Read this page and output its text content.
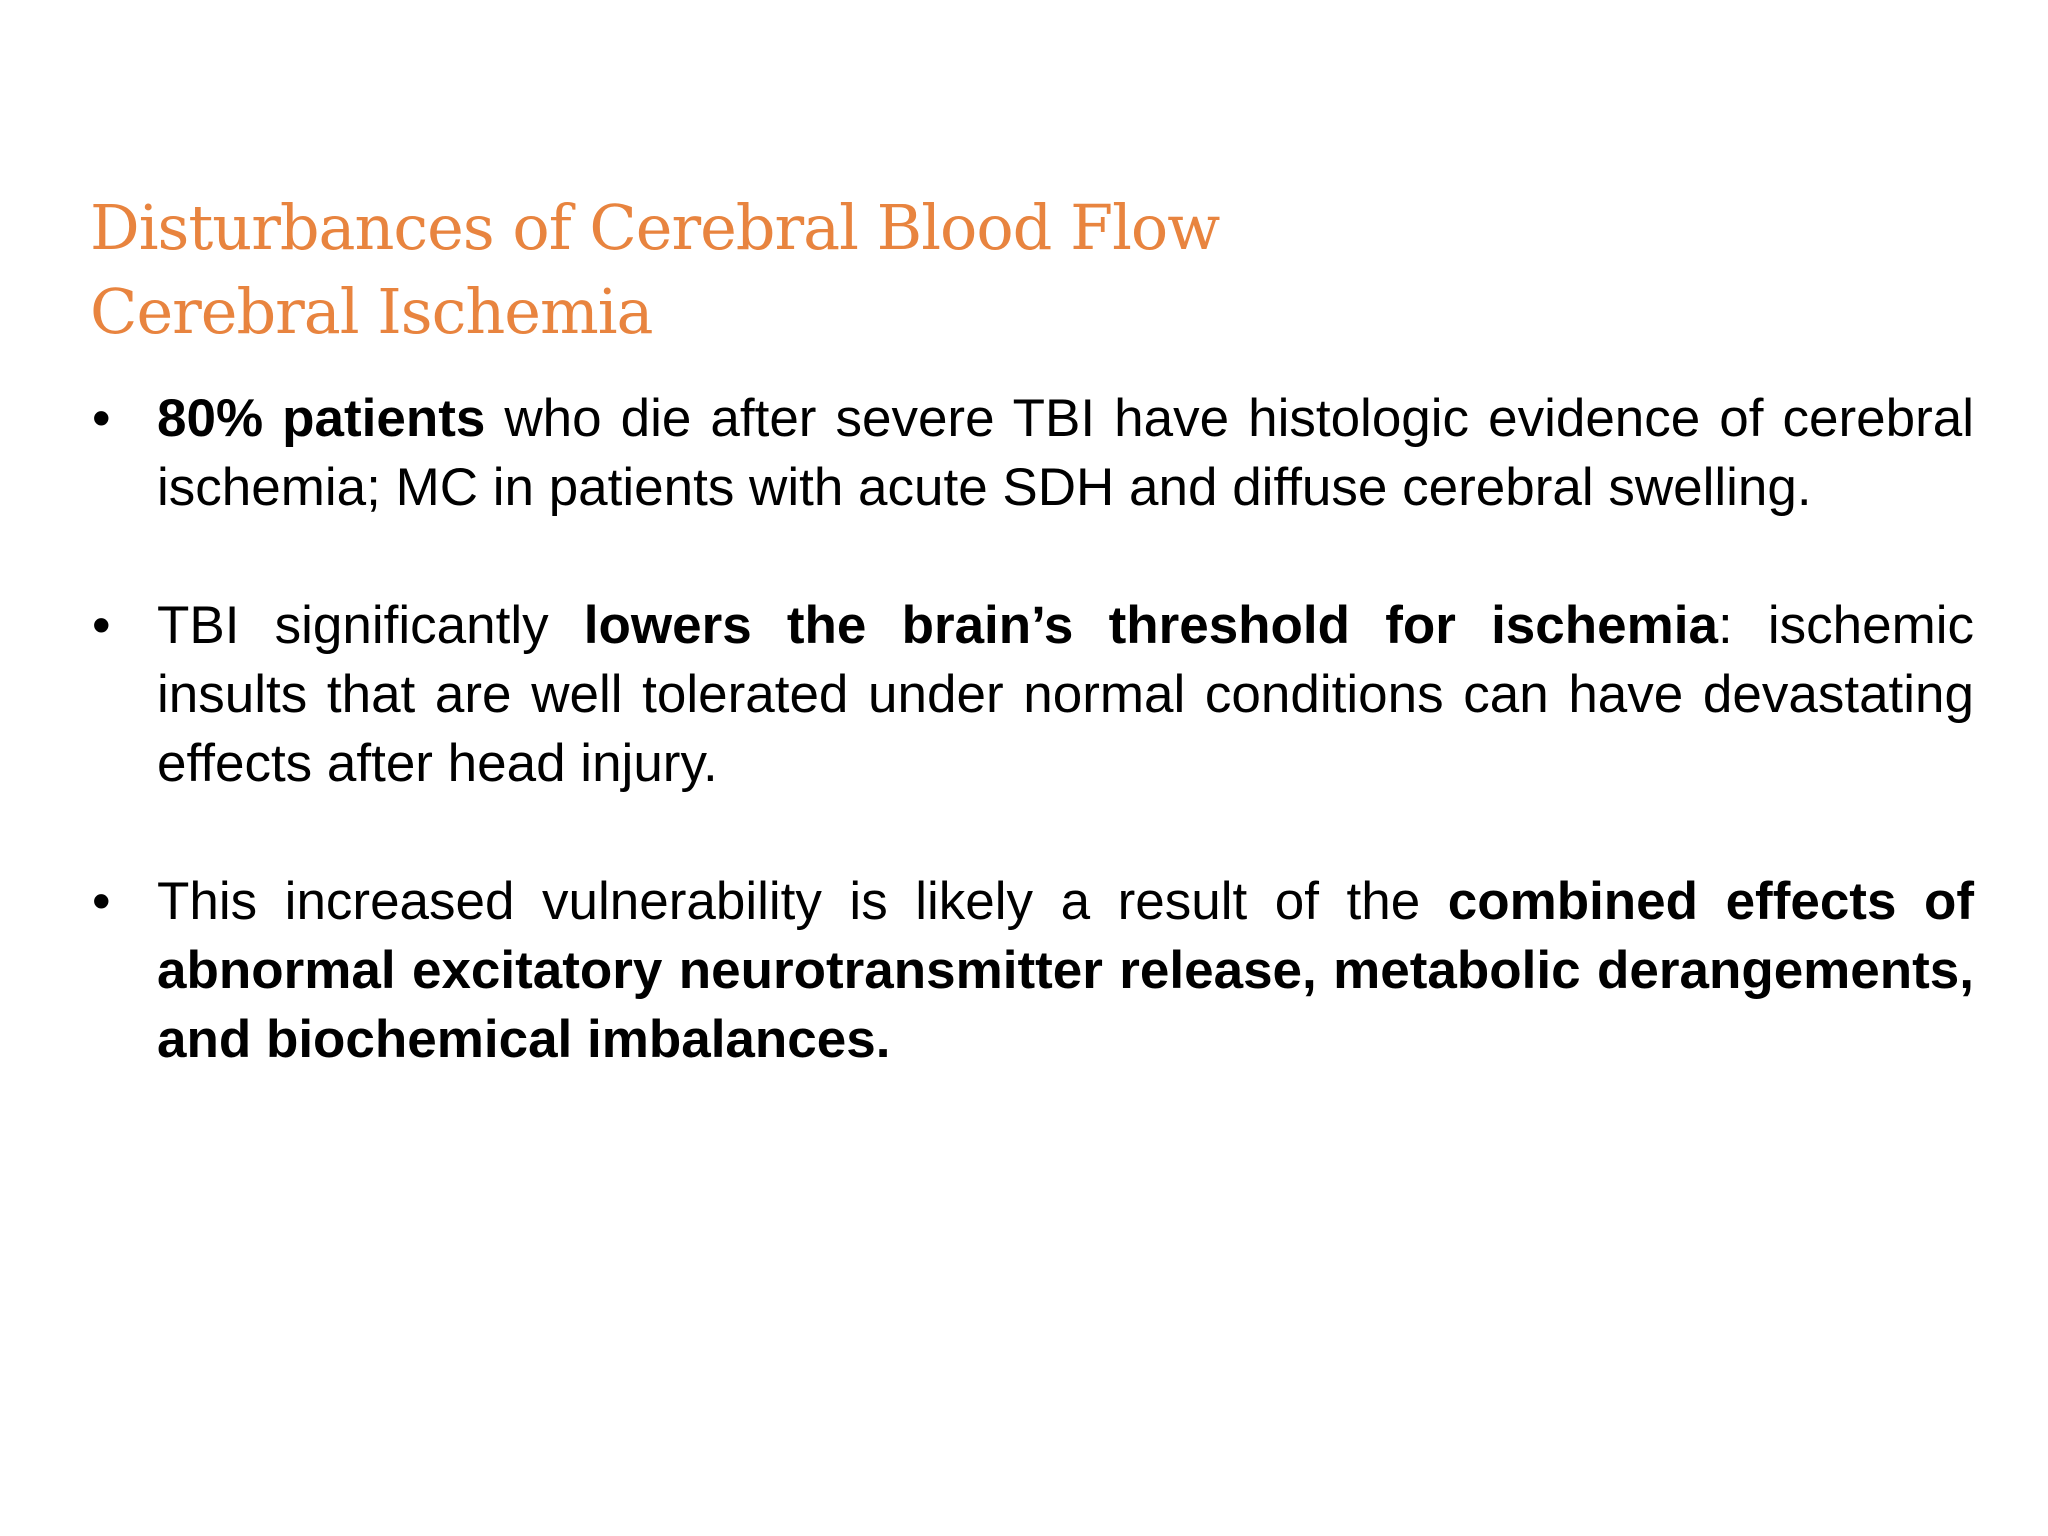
Disturbances of Cerebral Blood Flow
Cerebral Ischemia
• 80% patients who die after severe TBI have histologic evidence of cerebral ischemia; MC in patients with acute SDH and diffuse cerebral swelling.
• TBI significantly lowers the brain’s threshold for ischemia: ischemic insults that are well tolerated under normal conditions can have devastating effects after head injury.
• This increased vulnerability is likely a result of the combined effects of abnormal excitatory neurotransmitter release, metabolic derangements, and biochemical imbalances.
